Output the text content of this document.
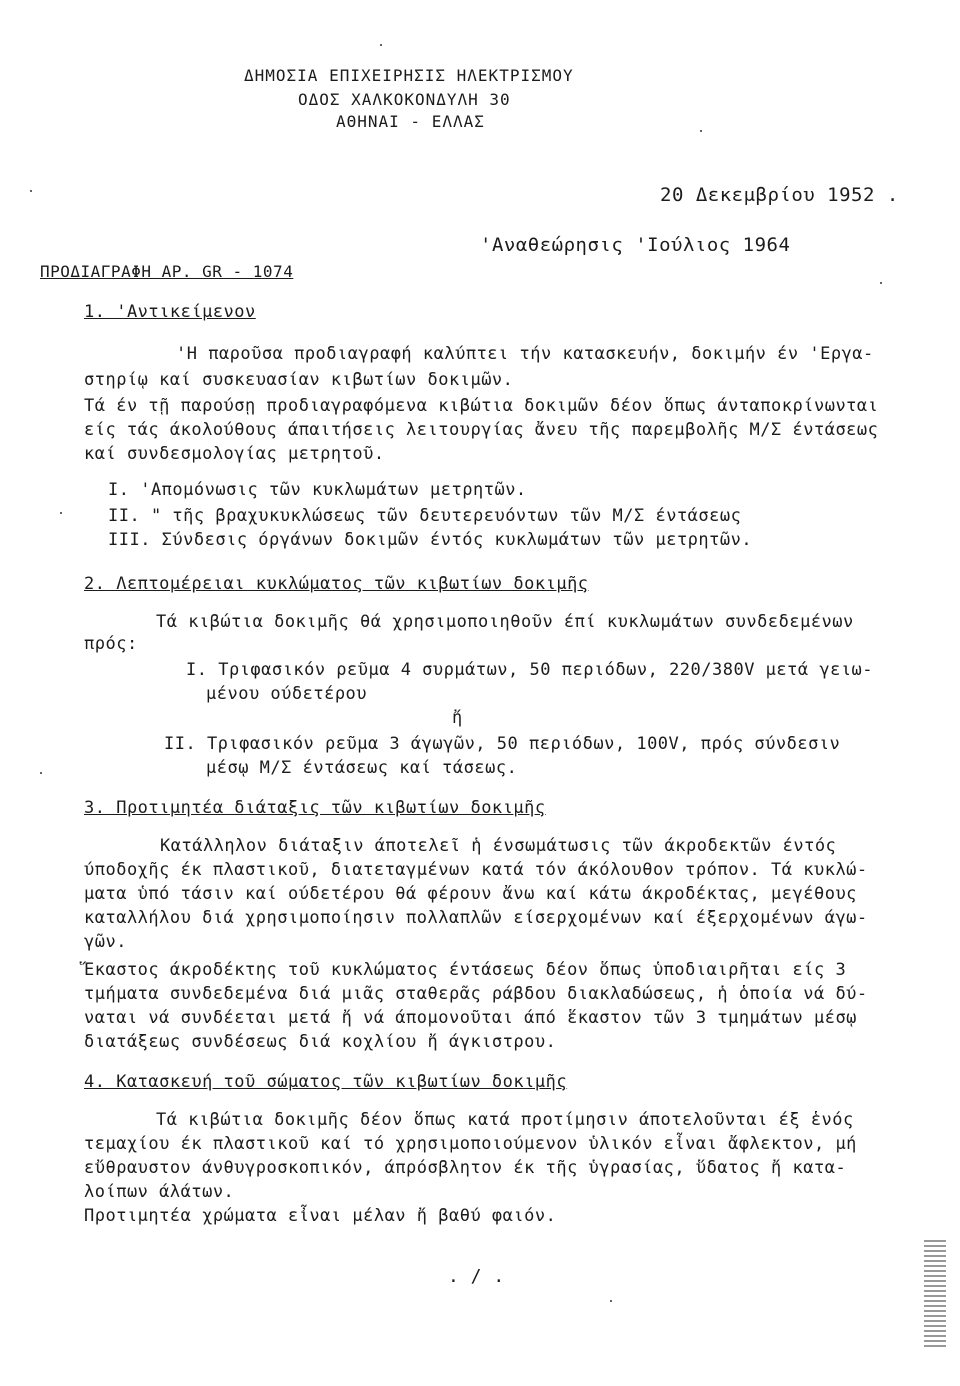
ΔΗΜΟΣΙΑ ΕΠΙΧΕΙΡΗΣΙΣ ΗΛΕΚΤΡΙΣΜΟΥ
ΟΔΟΣ ΧΑΛΚΟΚΟΝΔΥΛΗ 30
ΑΘΗΝΑΙ - ΕΛΛΑΣ
20 Δεκεμβρίου 1952 .
'Αναθεώρησις 'Ιούλιος 1964
ΠΡΟΔΙΑΓΡΑΦΗ ΑΡ. GR - 1074
1. 'Αντικείμενον
'Η παροῦσα προδιαγραφή καλύπτει τήν κατασκευήν, δοκιμήν έν 'Εργα-
στηρίῳ καί συσκευασίαν κιβωτίων δοκιμῶν.
Τά έν τῇ παρούσῃ προδιαγραφόμενα κιβώτια δοκιμῶν δέον ὅπως άνταποκρίνωνται
είς τάς άκολούθους άπαιτήσεις λειτουργίας ἄνευ τῆς παρεμβολῆς Μ/Σ έντάσεως
καί συνδεσμολογίας μετρητοῦ.
I. 'Απομόνωσις τῶν κυκλωμάτων μετρητῶν.
II. " τῆς βραχυκυκλώσεως τῶν δευτερευόντων τῶν Μ/Σ έντάσεως
III. Σύνδεσις όργάνων δοκιμῶν έντός κυκλωμάτων τῶν μετρητῶν.
2. Λεπτομέρειαι κυκλώματος τῶν κιβωτίων δοκιμῆς
Τά κιβώτια δοκιμῆς θά χρησιμοποιηθοῦν έπί κυκλωμάτων συνδεδεμένων
πρός:
I. Τριφασικόν ρεῦμα 4 συρμάτων, 50 περιόδων, 220/380V μετά γειω-
μένου ούδετέρου
ἤ
II. Τριφασικόν ρεῦμα 3 άγωγῶν, 50 περιόδων, 100V, πρός σύνδεσιν
μέσῳ Μ/Σ έντάσεως καί τάσεως.
3. Προτιμητέα διάταξις τῶν κιβωτίων δοκιμῆς
Κατάλληλον διάταξιν άποτελεῖ ἡ ένσωμάτωσις τῶν άκροδεκτῶν έντός
ύποδοχῆς έκ πλαστικοῦ, διατεταγμένων κατά τόν άκόλουθον τρόπον. Τά κυκλώ-
ματα ὑπό τάσιν καί ούδετέρου θά φέρουν ἄνω καί κάτω άκροδέκτας, μεγέθους
καταλλήλου διά χρησιμοποίησιν πολλαπλῶν είσερχομένων καί έξερχομένων άγω-
γῶν.
Ἕκαστος άκροδέκτης τοῦ κυκλώματος έντάσεως δέον ὅπως ὑποδιαιρῆται είς 3
τμήματα συνδεδεμένα διά μιᾶς σταθερᾶς ράβδου διακλαδώσεως, ἡ ὁποία νά δύ-
ναται νά συνδέεται μετά ἤ νά άπομονοῦται άπό ἕκαστον τῶν 3 τμημάτων μέσῳ
διατάξεως συνδέσεως διά κοχλίου ἤ άγκιστρου.
4. Κατασκευή τοῦ σώματος τῶν κιβωτίων δοκιμῆς
Τά κιβώτια δοκιμῆς δέον ὅπως κατά προτίμησιν άποτελοῦνται έξ ἑνός
τεμαχίου έκ πλαστικοῦ καί τό χρησιμοποιούμενον ὑλικόν εἶναι ἄφλεκτον, μή
εὔθραυστον άνθυγροσκοπικόν, άπρόσβλητον έκ τῆς ὑγρασίας, ὕδατος ἤ κατα-
λοίπων άλάτων.
Προτιμητέα χρώματα εἶναι μέλαν ἤ βαθύ φαιόν.
. / .
